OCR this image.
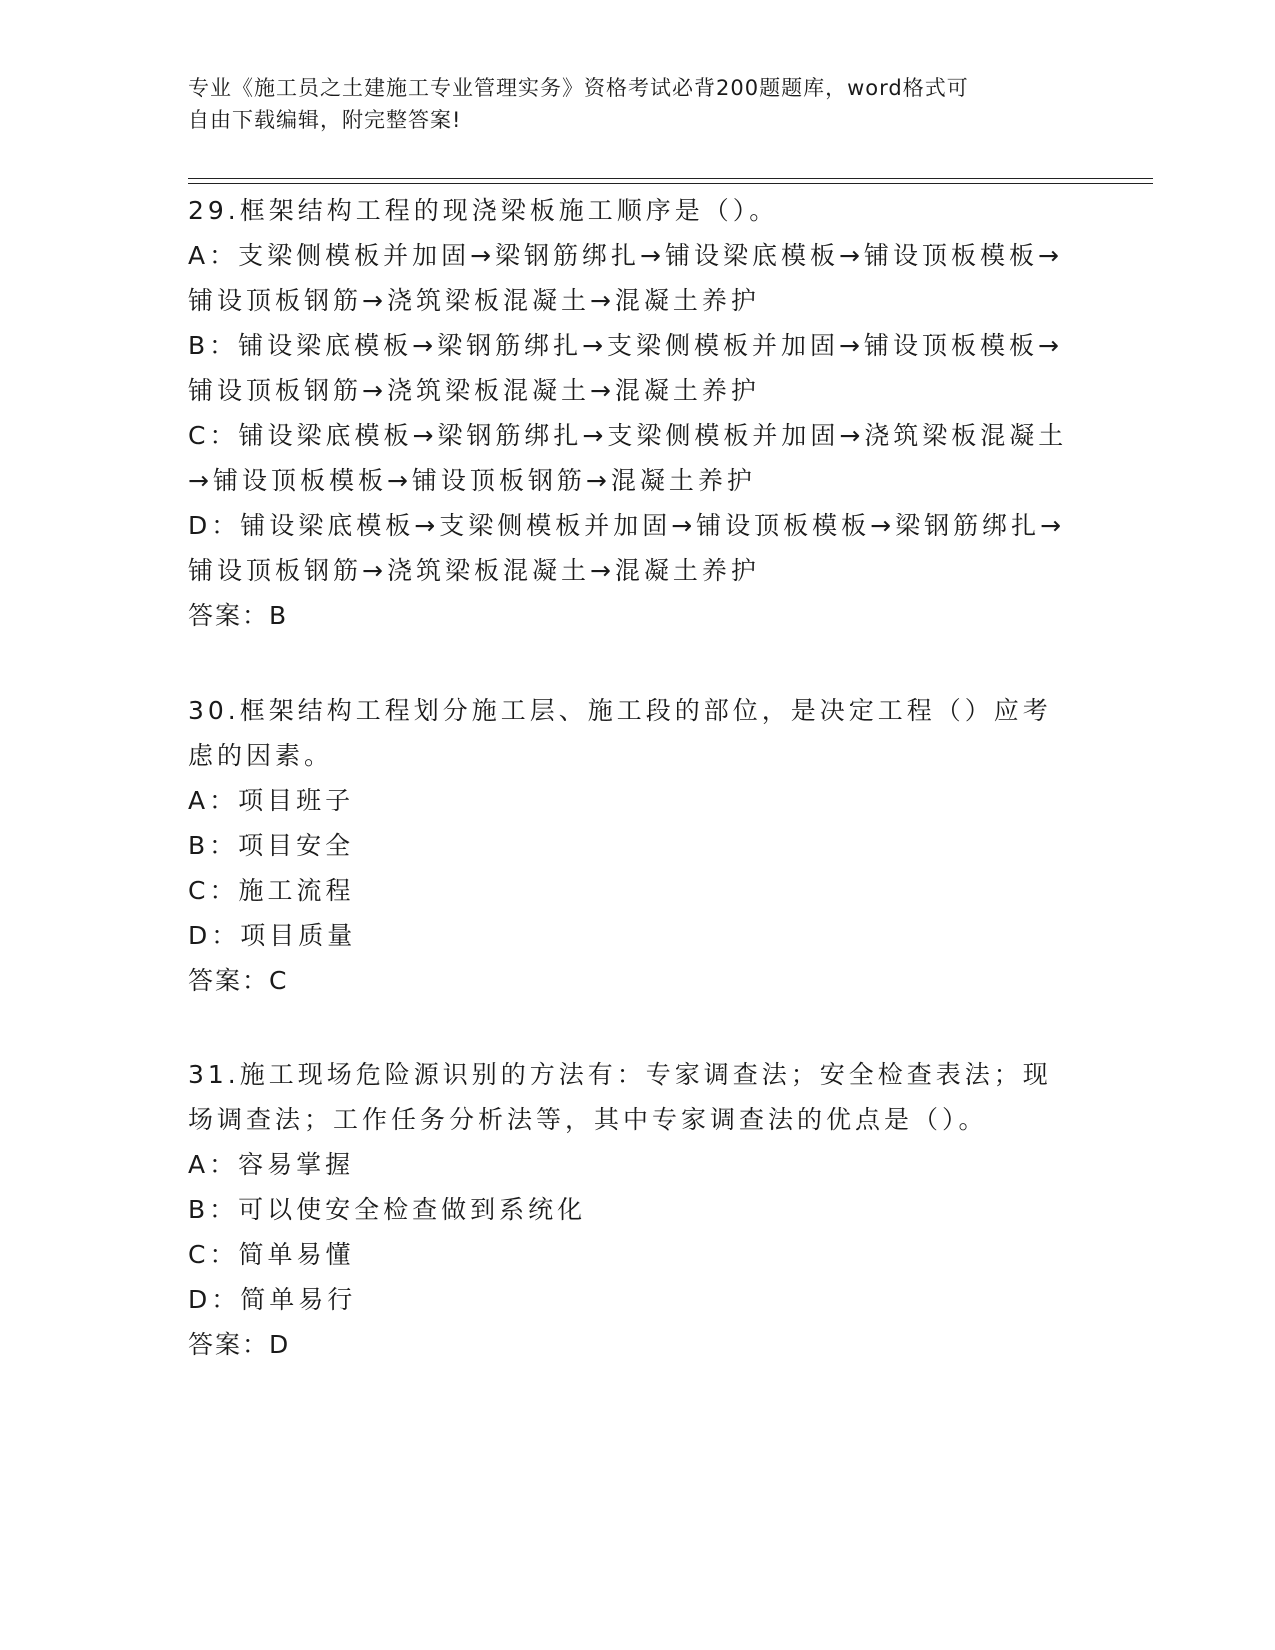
专业《施工员之土建施工专业管理实务》资格考试必背200题题库，word格式可
自由下载编辑，附完整答案!
29.框架结构工程的现浇梁板施工顺序是（）。
A：支梁侧模板并加固→梁钢筋绑扎→铺设梁底模板→铺设顶板模板→铺设顶板钢筋→浇筑梁板混凝土→混凝土养护
B：铺设梁底模板→梁钢筋绑扎→支梁侧模板并加固→铺设顶板模板→铺设顶板钢筋→浇筑梁板混凝土→混凝土养护
C：铺设梁底模板→梁钢筋绑扎→支梁侧模板并加固→浇筑梁板混凝土→铺设顶板模板→铺设顶板钢筋→混凝土养护
D：铺设梁底模板→支梁侧模板并加固→铺设顶板模板→梁钢筋绑扎→铺设顶板钢筋→浇筑梁板混凝土→混凝土养护
答案：B
30.框架结构工程划分施工层、施工段的部位，是决定工程（）应考虑的因素。
A：项目班子
B：项目安全
C：施工流程
D：项目质量
答案：C
31.施工现场危险源识别的方法有：专家调查法；安全检查表法；现场调查法；工作任务分析法等，其中专家调查法的优点是（）。
A：容易掌握
B：可以使安全检查做到系统化
C：简单易懂
D：简单易行
答案：D
